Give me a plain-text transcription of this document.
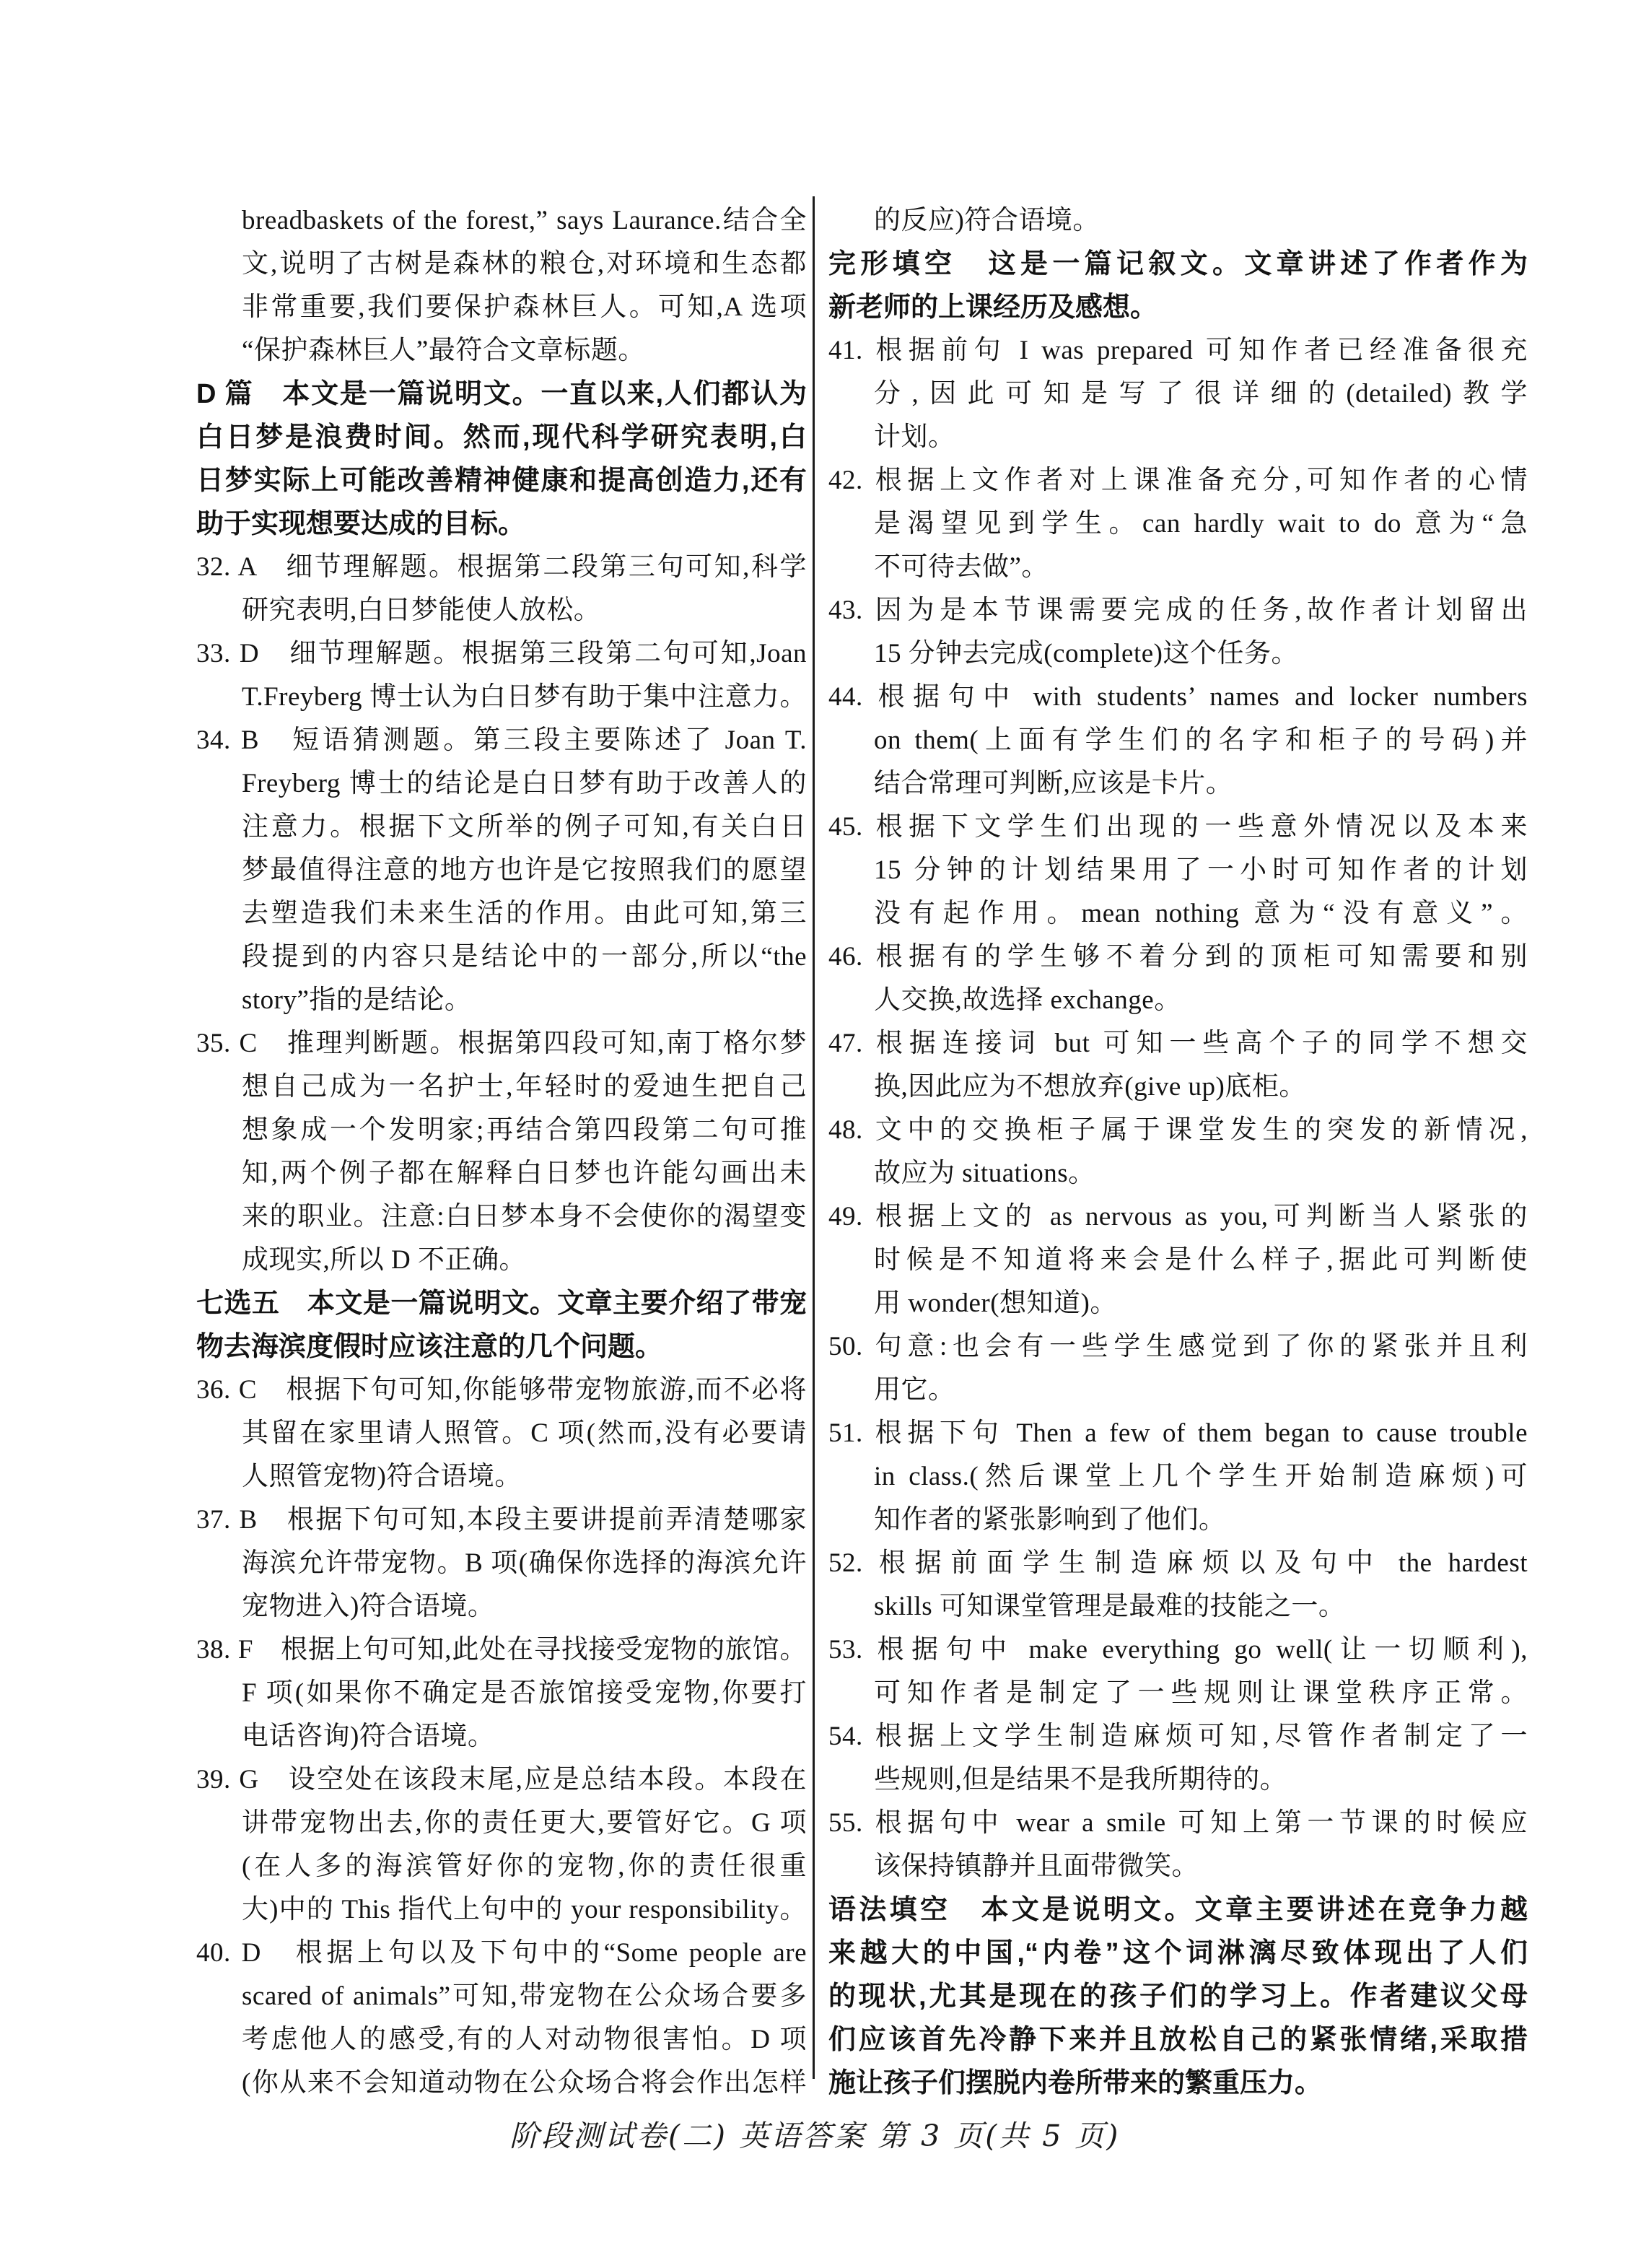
breadbaskets of the forest,” says Laurance.结合全
文,说明了古树是森林的粮仓,对环境和生态都
非常重要,我们要保护森林巨人。可知,A 选项
“保护森林巨人”最符合文章标题。
D 篇　本文是一篇说明文。一直以来,人们都认为
白日梦是浪费时间。然而,现代科学研究表明,白
日梦实际上可能改善精神健康和提高创造力,还有
助于实现想要达成的目标。
32. A　细节理解题。根据第二段第三句可知,科学
研究表明,白日梦能使人放松。
33. D　细节理解题。根据第三段第二句可知,Joan
T.Freyberg 博士认为白日梦有助于集中注意力。
34. B　短语猜测题。第三段主要陈述了 Joan T.
Freyberg 博士的结论是白日梦有助于改善人的
注意力。根据下文所举的例子可知,有关白日
梦最值得注意的地方也许是它按照我们的愿望
去塑造我们未来生活的作用。由此可知,第三
段提到的内容只是结论中的一部分,所以“the
story”指的是结论。
35. C　推理判断题。根据第四段可知,南丁格尔梦
想自己成为一名护士,年轻时的爱迪生把自己
想象成一个发明家;再结合第四段第二句可推
知,两个例子都在解释白日梦也许能勾画出未
来的职业。注意:白日梦本身不会使你的渴望变
成现实,所以 D 不正确。
七选五　本文是一篇说明文。文章主要介绍了带宠
物去海滨度假时应该注意的几个问题。
36. C　根据下句可知,你能够带宠物旅游,而不必将
其留在家里请人照管。C 项(然而,没有必要请
人照管宠物)符合语境。
37. B　根据下句可知,本段主要讲提前弄清楚哪家
海滨允许带宠物。B 项(确保你选择的海滨允许
宠物进入)符合语境。
38. F　根据上句可知,此处在寻找接受宠物的旅馆。
F 项(如果你不确定是否旅馆接受宠物,你要打
电话咨询)符合语境。
39. G　设空处在该段末尾,应是总结本段。本段在
讲带宠物出去,你的责任更大,要管好它。G 项
(在人多的海滨管好你的宠物,你的责任很重
大)中的 This 指代上句中的 your responsibility。
40. D　根据上句以及下句中的“Some people are
scared of animals”可知,带宠物在公众场合要多
考虑他人的感受,有的人对动物很害怕。D 项
(你从来不会知道动物在公众场合将会作出怎样
的反应)符合语境。
完形填空　这是一篇记叙文。文章讲述了作者作为
新老师的上课经历及感想。
41. 根据前句 I was prepared 可知作者已经准备很充
分,因此可知是写了很详细的(detailed)教学
计划。
42. 根据上文作者对上课准备充分,可知作者的心情
是渴望见到学生。can hardly wait to do 意为“急
不可待去做”。
43. 因为是本节课需要完成的任务,故作者计划留出
15 分钟去完成(complete)这个任务。
44. 根据句中 with students’ names and locker numbers
on them(上面有学生们的名字和柜子的号码)并
结合常理可判断,应该是卡片。
45. 根据下文学生们出现的一些意外情况以及本来
15 分钟的计划结果用了一小时可知作者的计划
没有起作用。mean nothing 意为“没有意义”。
46. 根据有的学生够不着分到的顶柜可知需要和别
人交换,故选择 exchange。
47. 根据连接词 but 可知一些高个子的同学不想交
换,因此应为不想放弃(give up)底柜。
48. 文中的交换柜子属于课堂发生的突发的新情况,
故应为 situations。
49. 根据上文的 as nervous as you,可判断当人紧张的
时候是不知道将来会是什么样子,据此可判断使
用 wonder(想知道)。
50. 句意:也会有一些学生感觉到了你的紧张并且利
用它。
51. 根据下句 Then a few of them began to cause trouble
in class.(然后课堂上几个学生开始制造麻烦)可
知作者的紧张影响到了他们。
52. 根据前面学生制造麻烦以及句中 the hardest
skills 可知课堂管理是最难的技能之一。
53. 根据句中 make everything go well(让一切顺利),
可知作者是制定了一些规则让课堂秩序正常。
54. 根据上文学生制造麻烦可知,尽管作者制定了一
些规则,但是结果不是我所期待的。
55. 根据句中 wear a smile 可知上第一节课的时候应
该保持镇静并且面带微笑。
语法填空　本文是说明文。文章主要讲述在竞争力越
来越大的中国,“内卷”这个词淋漓尽致体现出了人们
的现状,尤其是现在的孩子们的学习上。作者建议父母
们应该首先冷静下来并且放松自己的紧张情绪,采取措
施让孩子们摆脱内卷所带来的繁重压力。
阶段测试卷(二) 英语答案 第 3 页(共 5 页)
